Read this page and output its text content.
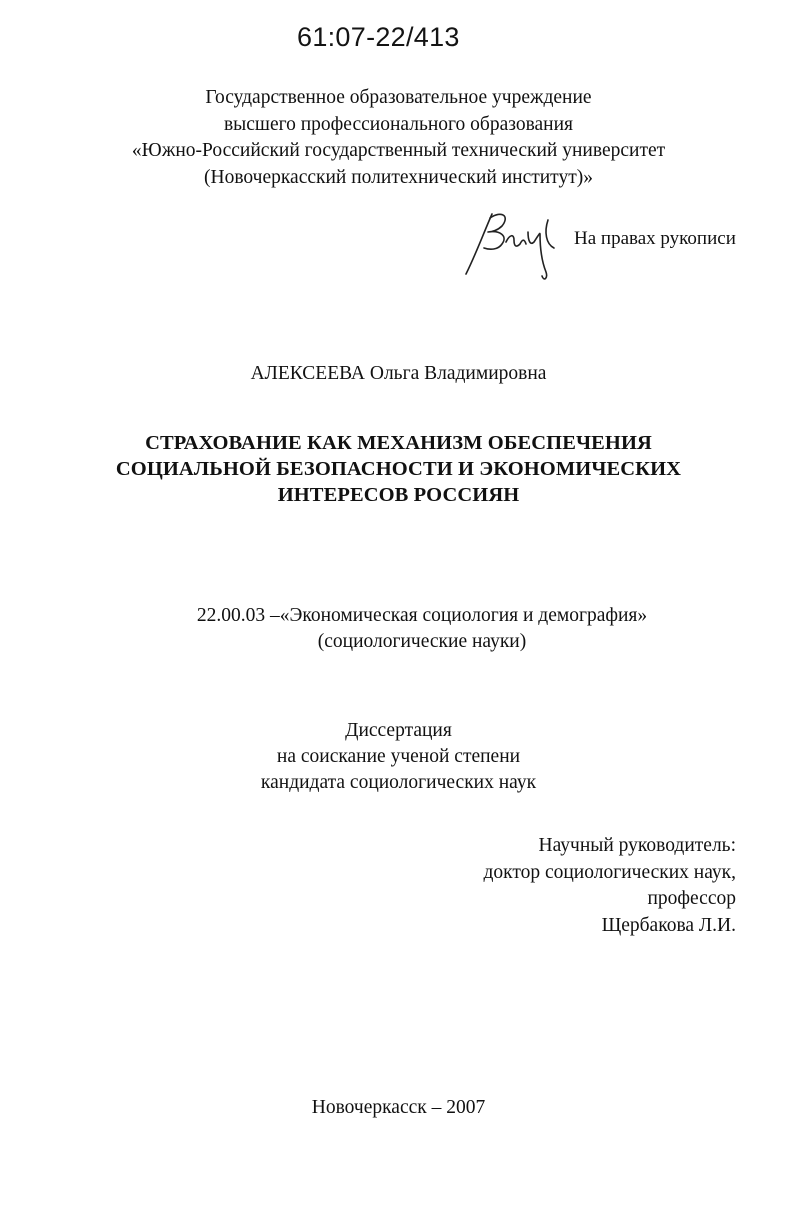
61:07-22/413
Государственное образовательное учреждение
высшего профессионального образования
«Южно-Российский государственный технический университет
(Новочеркасский политехнический институт)»
На правах рукописи
АЛЕКСЕЕВА Ольга Владимировна
СТРАХОВАНИЕ КАК МЕХАНИЗМ ОБЕСПЕЧЕНИЯ
СОЦИАЛЬНОЙ БЕЗОПАСНОСТИ И ЭКОНОМИЧЕСКИХ
ИНТЕРЕСОВ РОССИЯН
22.00.03 –«Экономическая социология и демография»
(социологические науки)
Диссертация
на соискание ученой степени
кандидата социологических наук
Научный руководитель:
доктор социологических наук,
профессор
Щербакова Л.И.
Новочеркасск – 2007
